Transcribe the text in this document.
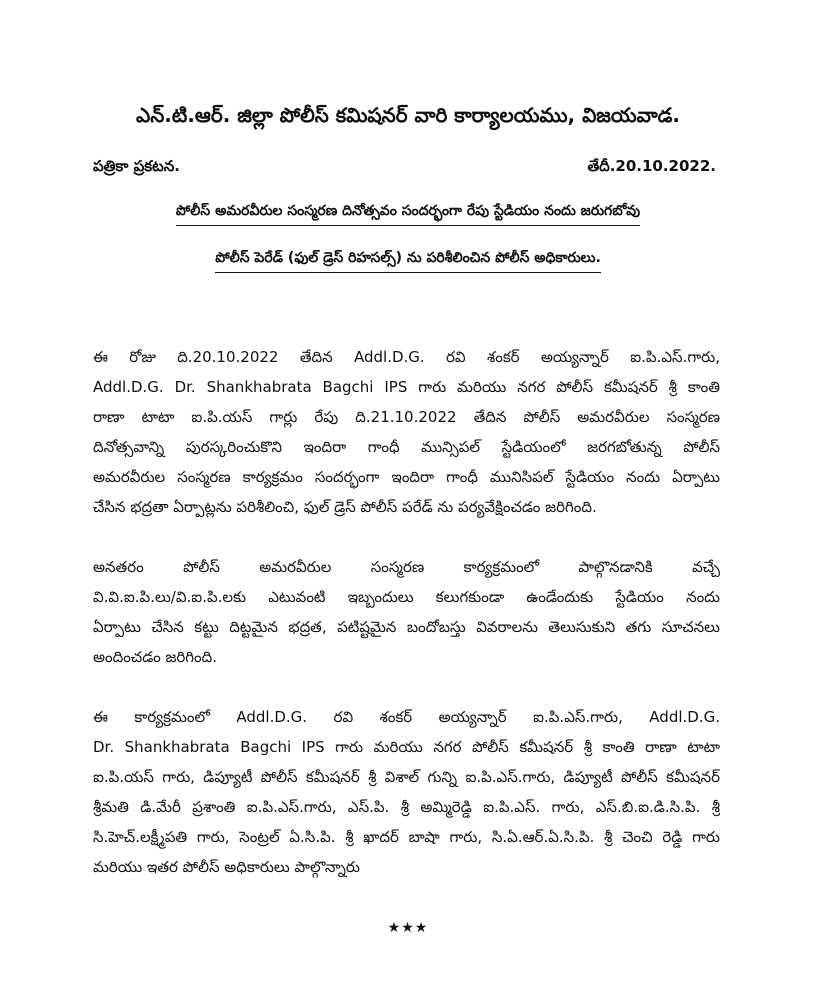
ఎన్.టి.ఆర్. జిల్లా పోలీస్ కమిషనర్ వారి కార్యాలయము, విజయవాడ.
పత్రికా ప్రకటన.	తేదీ.20.10.2022.
పోలీస్ అమరవీరుల సంస్మరణ దినోత్సవం సందర్భంగా రేపు స్టేడియం నందు జరుగబోవు
పోలీస్ పెరేడ్ (ఫుల్ డ్రెస్ రిహసల్స్) ను పరిశీలించిన పోలీస్ అధికారులు.
ఈ రోజు ది.20.10.2022 తేదిన Addl.D.G. రవి శంకర్ అయ్యన్నార్ ఐ.పి.ఎస్.గారు,
Addl.D.G. Dr. Shankhabrata Bagchi IPS గారు మరియు నగర పోలీస్ కమీషనర్ శ్రీ కాంతి
రాణా టాటా ఐ.పి.యస్ గార్లు రేపు ది.21.10.2022 తేదిన పోలీస్ అమరవీరుల సంస్మరణ
దినోత్సవాన్ని పురస్కరించుకొని ఇందిరా గాంధీ మున్సిపల్ స్టేడియంలో జరగబోతున్న పోలీస్
అమరవీరుల సంస్మరణ కార్యక్రమం సందర్భంగా ఇందిరా గాంధీ మునిసిపల్ స్టేడియం నందు ఏర్పాటు
చేసిన భద్రతా ఏర్పాట్లను పరిశీలించి, ఫుల్ డ్రెస్ పోలీస్ పరేడ్ ను పర్యవేక్షించడం జరిగింది.
అనతరం పోలీస్ అమరవీరుల సంస్మరణ కార్యక్రమంలో పాల్గొనడానికి వచ్చే
వి.వి.ఐ.పి.లు/వి.ఐ.పి.లకు ఎటువంటి ఇబ్బందులు కలుగకుండా ఉండేందుకు స్టేడియం నందు
ఏర్పాటు చేసిన కట్టు దిట్టమైన భద్రత, పటిష్టమైన బందోబస్తు వివరాలను తెలుసుకుని తగు సూచనలు
అందించడం జరిగింది.
ఈ కార్యక్రమంలో Addl.D.G. రవి శంకర్ అయ్యన్నార్ ఐ.పి.ఎస్.గారు, Addl.D.G.
Dr. Shankhabrata Bagchi IPS గారు మరియు నగర పోలీస్ కమీషనర్ శ్రీ కాంతి రాణా టాటా
ఐ.పి.యస్ గారు, డిప్యూటీ పోలీస్ కమీషనర్ శ్రీ విశాల్ గున్ని ఐ.పి.ఎస్.గారు, డిప్యూటీ పోలీస్ కమీషనర్
శ్రీమతి డి.మేరీ ప్రశాంతి ఐ.పి.ఎస్.గారు, ఎస్.పి. శ్రీ అమ్మిరెడ్డి ఐ.పి.ఎస్. గారు, ఎస్.బి.ఐ.డి.సి.పి. శ్రీ
సి.హెచ్.లక్ష్మీపతి గారు, సెంట్రల్ ఏ.సి.పి. శ్రీ ఖాదర్ బాషా గారు, సి.ఏ.ఆర్.ఏ.సి.పి. శ్రీ చెంచి రెడ్డి గారు
మరియు ఇతర పోలీస్ అధికారులు పాల్గొన్నారు
★★★
